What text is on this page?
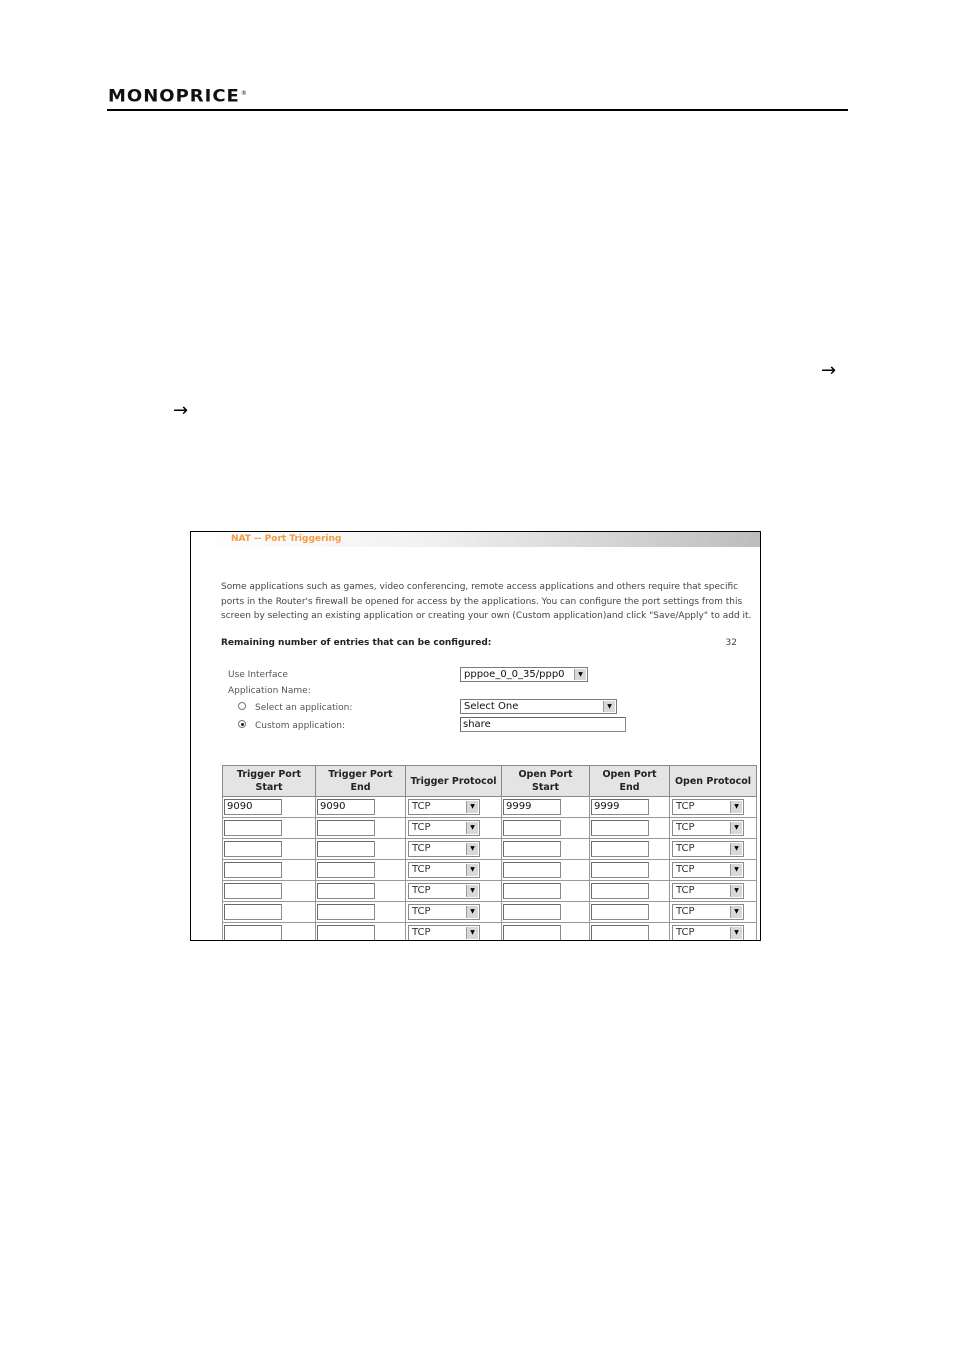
MONOPRICE®
→
→
NAT -- Port Triggering
Some applications such as games, video conferencing, remote access applications and others require that specific ports in the Router's firewall be opened for access by the applications. You can configure the port settings from this screen by selecting an existing application or creating your own (Custom application)and click "Save/Apply" to add it.
Remaining number of entries that can be configured:	32
Use Interface	pppoe_0_0_35/ppp0	▼
Application Name:
Select an application:	Select One	▼
Custom application:	share
Trigger Port Start	Trigger Port End	Trigger Protocol	Open Port Start	Open Port End	Open Protocol

9090	9090	TCP ▼	9999	9999	TCP ▼

		TCP ▼			TCP ▼

		TCP ▼			TCP ▼

		TCP ▼			TCP ▼

		TCP ▼			TCP ▼

		TCP ▼			TCP ▼

		TCP ▼			TCP ▼
